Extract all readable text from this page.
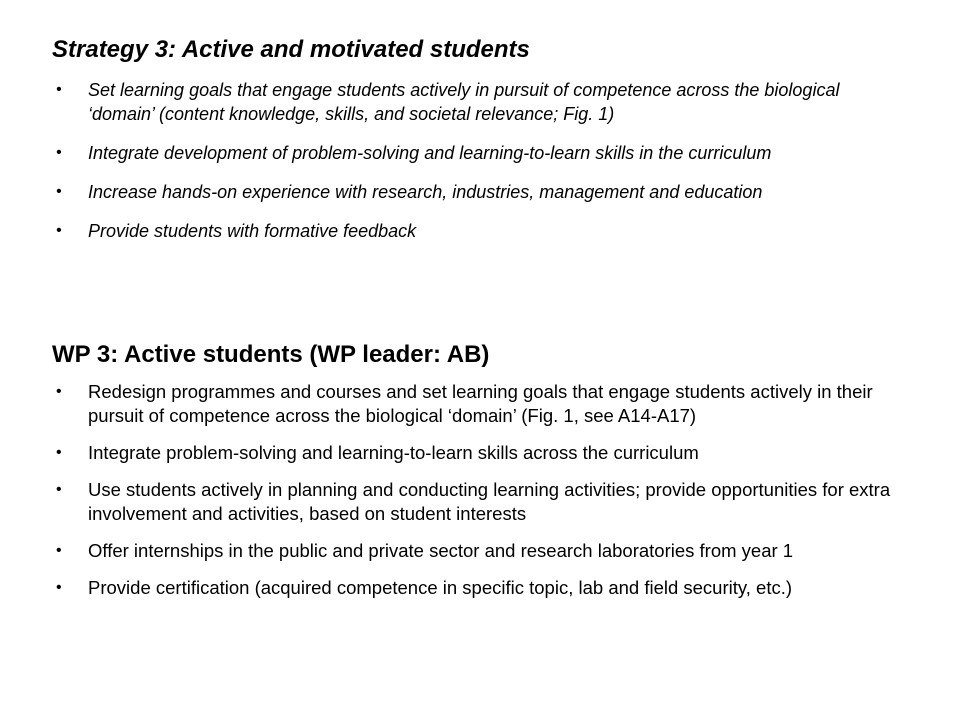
Strategy 3: Active and motivated students
• Set learning goals that engage students actively in pursuit of competence across the biological ‘domain’ (content knowledge, skills, and societal relevance; Fig. 1)
• Integrate development of problem-solving and learning-to-learn skills in the curriculum
• Increase hands-on experience with research, industries, management and education
• Provide students with formative feedback
WP 3: Active students (WP leader: AB)
• Redesign programmes and courses and set learning goals that engage students actively in their pursuit of competence across the biological ‘domain’ (Fig. 1, see A14-A17)
• Integrate problem-solving and learning-to-learn skills across the curriculum
• Use students actively in planning and conducting learning activities; provide opportunities for extra involvement and activities, based on student interests
• Offer internships in the public and private sector and research laboratories from year 1
• Provide certification (acquired competence in specific topic, lab and field security, etc.)
